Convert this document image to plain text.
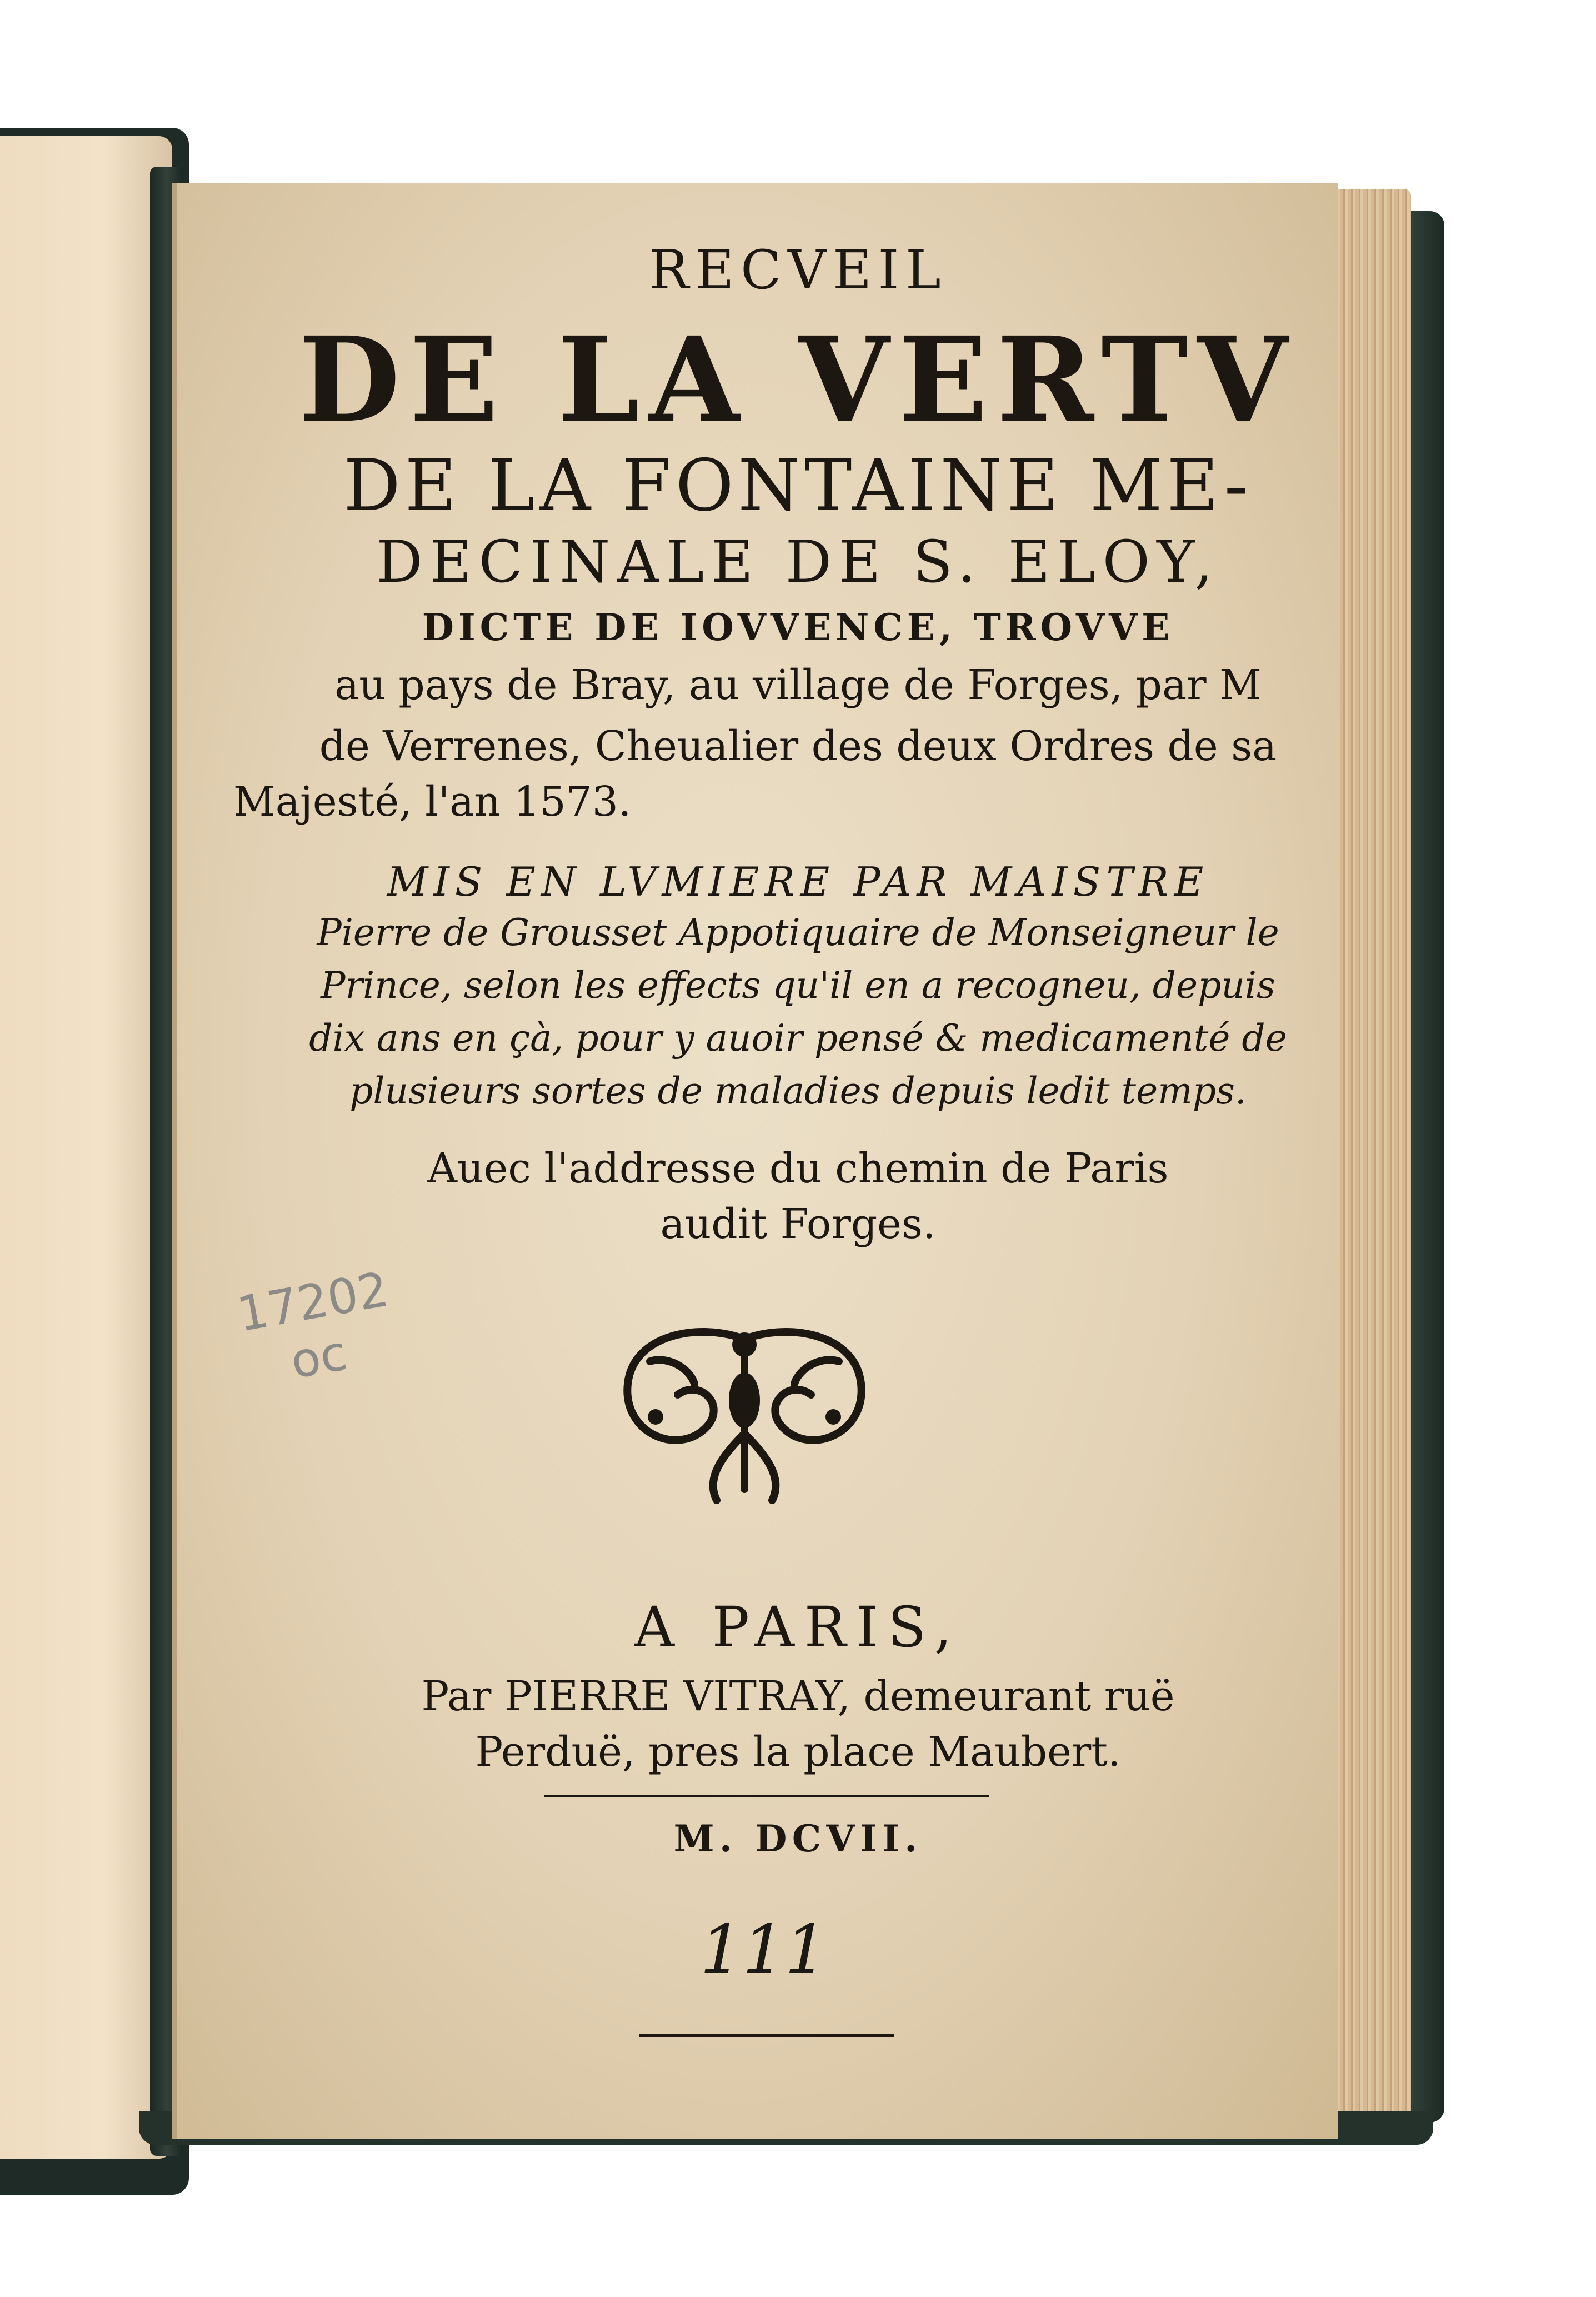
RECVEIL
DE LA VERTV
DE LA FONTAINE ME-
DECINALE DE S. ELOY,
DICTE DE IOVVENCE, TROVVE
au pays de Bray, au village de Forges, par M
de Verrenes, Cheualier des deux Ordres de sa
Majesté, l'an 1573.
MIS EN LVMIERE PAR MAISTRE
Pierre de Grousset Appotiquaire de Monseigneur le
Prince, selon les effects qu'il en a recogneu, depuis
dix ans en çà, pour y auoir pensé & medicamenté de
plusieurs sortes de maladies depuis ledit temps.
Auec l'addresse du chemin de Paris
audit Forges.
17202
oc
A PARIS,
Par PIERRE VITRAY, demeurant ruë
Perduë, pres la place Maubert.
M. DCVII.
111
